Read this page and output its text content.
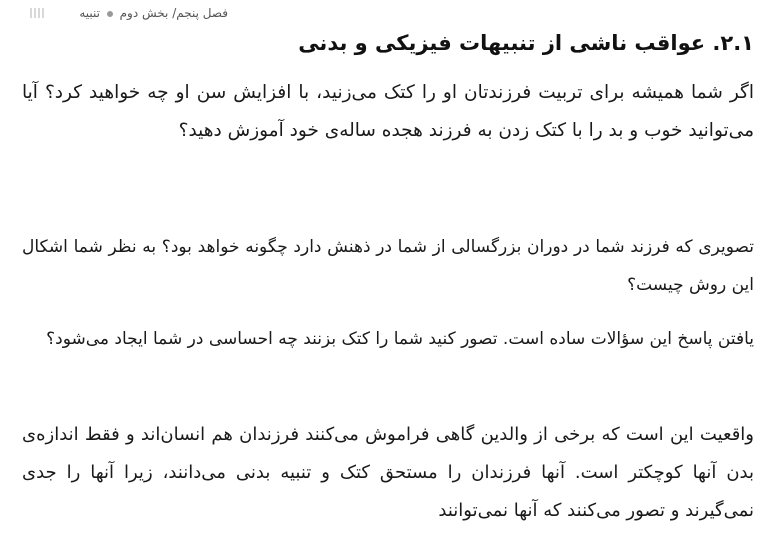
فصل پنجم/ بخش دوم  تنبیه
۲.۱. عواقب ناشی از تنبیهات فیزیکی و بدنی

اگر شما همیشه برای تربیت فرزندتان او را کتک می‌زنید، با افزایش سن او چه خواهید کرد؟ آیا می‌توانید خوب و بد را با کتک زدن به فرزند هجده ساله‌ی خود آموزش دهید؟

تصویری که فرزند شما در دوران بزرگسالی از شما در ذهنش دارد چگونه خواهد بود؟ به نظر شما اشکال این روش چیست؟

یافتن پاسخ این سؤالات ساده است. تصور کنید شما را کتک بزنند چه احساسی در شما ایجاد می‌شود؟

واقعیت این است که برخی از والدین گاهی فراموش می‌کنند فرزندان هم انسان‌اند و فقط اندازه‌ی بدن آنها کوچکتر است. آنها فرزندان را مستحق کتک و تنبیه بدنی می‌دانند، زیرا آنها را جدی نمی‌گیرند و تصور می‌کنند که آنها نمی‌توانند
